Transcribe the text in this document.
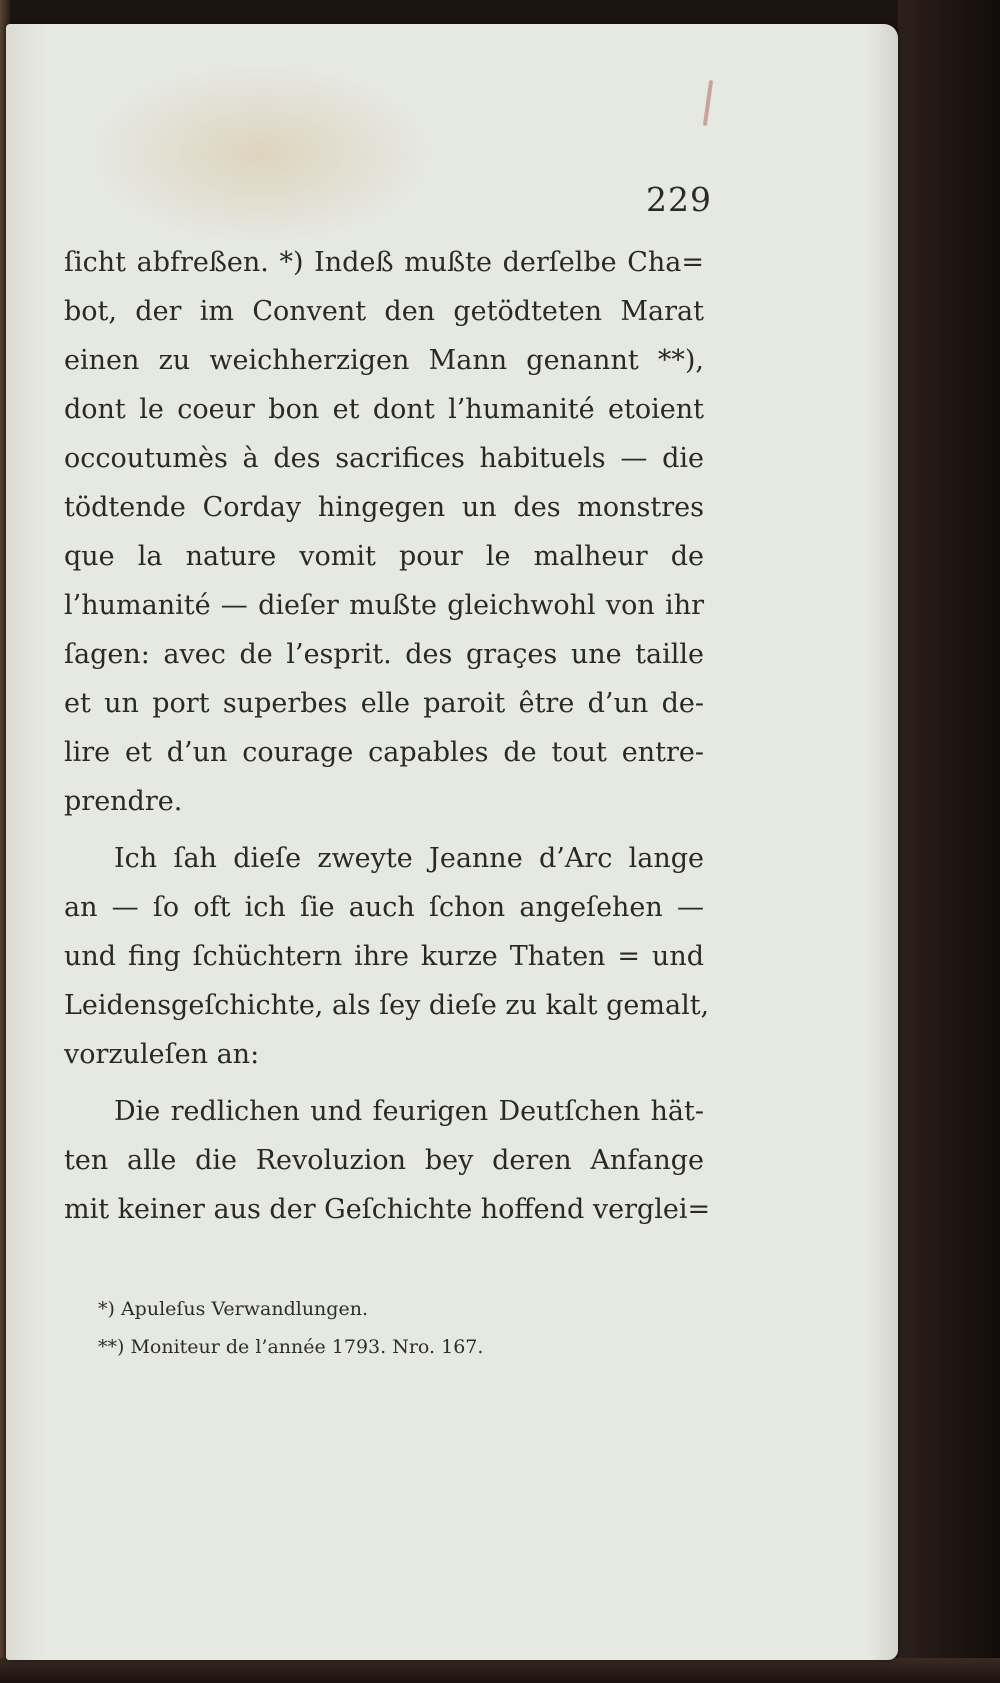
229
ſicht abfreßen. *) Indeß mußte derſelbe Cha=
bot, der im Convent den getödteten Marat
einen zu weichherzigen Mann genannt **),
dont le coeur bon et dont l’humanité etoient
occoutumès à des sacrifices habituels — die
tödtende Corday hingegen un des monstres
que la nature vomit pour le malheur de
l’humanité — dieſer mußte gleichwohl von ihr
ſagen: avec de l’esprit. des graçes une taille
et un port superbes elle paroit être d’un de-
lire et d’un courage capables de tout entre-
prendre.
Ich ſah dieſe zweyte Jeanne d’Arc lange
an — ſo oft ich ſie auch ſchon angeſehen —
und fing ſchüchtern ihre kurze Thaten = und
Leidensgeſchichte, als ſey dieſe zu kalt gemalt,
vorzuleſen an:
Die redlichen und feurigen Deutſchen hät-
ten alle die Revoluzion bey deren Anfange
mit keiner aus der Geſchichte hoffend verglei=
*) Apuleſus Verwandlungen.
**) Moniteur de l’année 1793. Nro. 167.
